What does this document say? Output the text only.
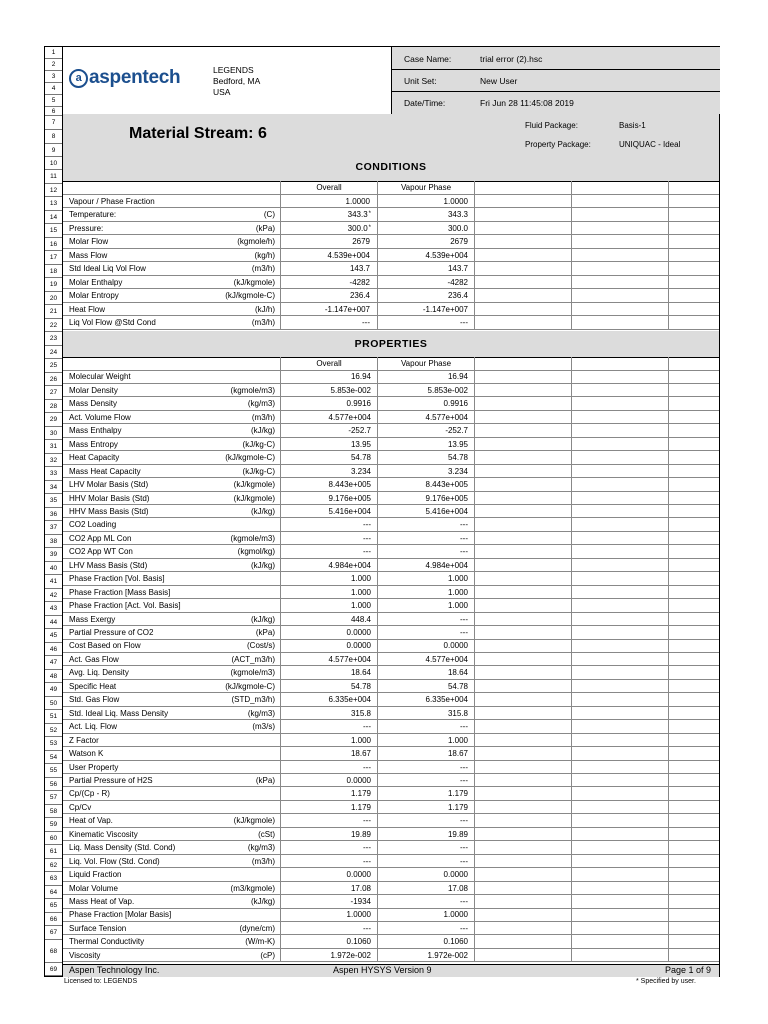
1
2
3
4
5
6
7
8
9
10
11
12
13
14
15
16
17
18
19
20
21
22
23
24
25
26
27
28
29
30
31
32
33
34
35
36
37
38
39
40
41
42
43
44
45
46
47
48
49
50
51
52
53
54
55
56
57
58
59
60
61
62
63
64
65
66
67
68
69
a aspentech	LEGENDS
Bedford, MA
USA
Case Name:	trial error (2).hsc
Unit Set:	New User
Date/Time:	Fri Jun 28 11:45:08 2019
Material Stream: 6	Fluid Package:	Basis-1
Property Package:	UNIQUAC - Ideal
CONDITIONS
Overall	Vapour Phase
Vapour / Phase Fraction	1.0000	1.0000
Temperature:	(C)	343.3*	343.3
Pressure:	(kPa)	300.0*	300.0
Molar Flow	(kgmole/h)	2679	2679
Mass Flow	(kg/h)	4.539e+004	4.539e+004
Std Ideal Liq Vol Flow	(m3/h)	143.7	143.7
Molar Enthalpy	(kJ/kgmole)	-4282	-4282
Molar Entropy	(kJ/kgmole-C)	236.4	236.4
Heat Flow	(kJ/h)	-1.147e+007	-1.147e+007
Liq Vol Flow @Std Cond	(m3/h)	---	---
PROPERTIES
Overall	Vapour Phase
Molecular Weight	16.94	16.94
Molar Density	(kgmole/m3)	5.853e-002	5.853e-002
Mass Density	(kg/m3)	0.9916	0.9916
Act. Volume Flow	(m3/h)	4.577e+004	4.577e+004
Mass Enthalpy	(kJ/kg)	-252.7	-252.7
Mass Entropy	(kJ/kg-C)	13.95	13.95
Heat Capacity	(kJ/kgmole-C)	54.78	54.78
Mass Heat Capacity	(kJ/kg-C)	3.234	3.234
LHV Molar Basis (Std)	(kJ/kgmole)	8.443e+005	8.443e+005
HHV Molar Basis (Std)	(kJ/kgmole)	9.176e+005	9.176e+005
HHV Mass Basis (Std)	(kJ/kg)	5.416e+004	5.416e+004
CO2 Loading	---	---
CO2 App ML Con	(kgmole/m3)	---	---
CO2 App WT Con	(kgmol/kg)	---	---
LHV Mass Basis (Std)	(kJ/kg)	4.984e+004	4.984e+004
Phase Fraction [Vol. Basis]	1.000	1.000
Phase Fraction [Mass Basis]	1.000	1.000
Phase Fraction [Act. Vol. Basis]	1.000	1.000
Mass Exergy	(kJ/kg)	448.4	---
Partial Pressure of CO2	(kPa)	0.0000	---
Cost Based on Flow	(Cost/s)	0.0000	0.0000
Act. Gas Flow	(ACT_m3/h)	4.577e+004	4.577e+004
Avg. Liq. Density	(kgmole/m3)	18.64	18.64
Specific Heat	(kJ/kgmole-C)	54.78	54.78
Std. Gas Flow	(STD_m3/h)	6.335e+004	6.335e+004
Std. Ideal Liq. Mass Density	(kg/m3)	315.8	315.8
Act. Liq. Flow	(m3/s)	---	---
Z Factor	1.000	1.000
Watson K	18.67	18.67
User Property	---	---
Partial Pressure of H2S	(kPa)	0.0000	---
Cp/(Cp - R)	1.179	1.179
Cp/Cv	1.179	1.179
Heat of Vap.	(kJ/kgmole)	---	---
Kinematic Viscosity	(cSt)	19.89	19.89
Liq. Mass Density (Std. Cond)	(kg/m3)	---	---
Liq. Vol. Flow (Std. Cond)	(m3/h)	---	---
Liquid Fraction	0.0000	0.0000
Molar Volume	(m3/kgmole)	17.08	17.08
Mass Heat of Vap.	(kJ/kg)	-1934	---
Phase Fraction [Molar Basis]	1.0000	1.0000
Surface Tension	(dyne/cm)	---	---
Thermal Conductivity	(W/m-K)	0.1060	0.1060
Viscosity	(cP)	1.972e-002	1.972e-002
Aspen Technology Inc.	Aspen HYSYS Version 9	Page 1 of 9
Licensed to: LEGENDS	* Specified by user.
